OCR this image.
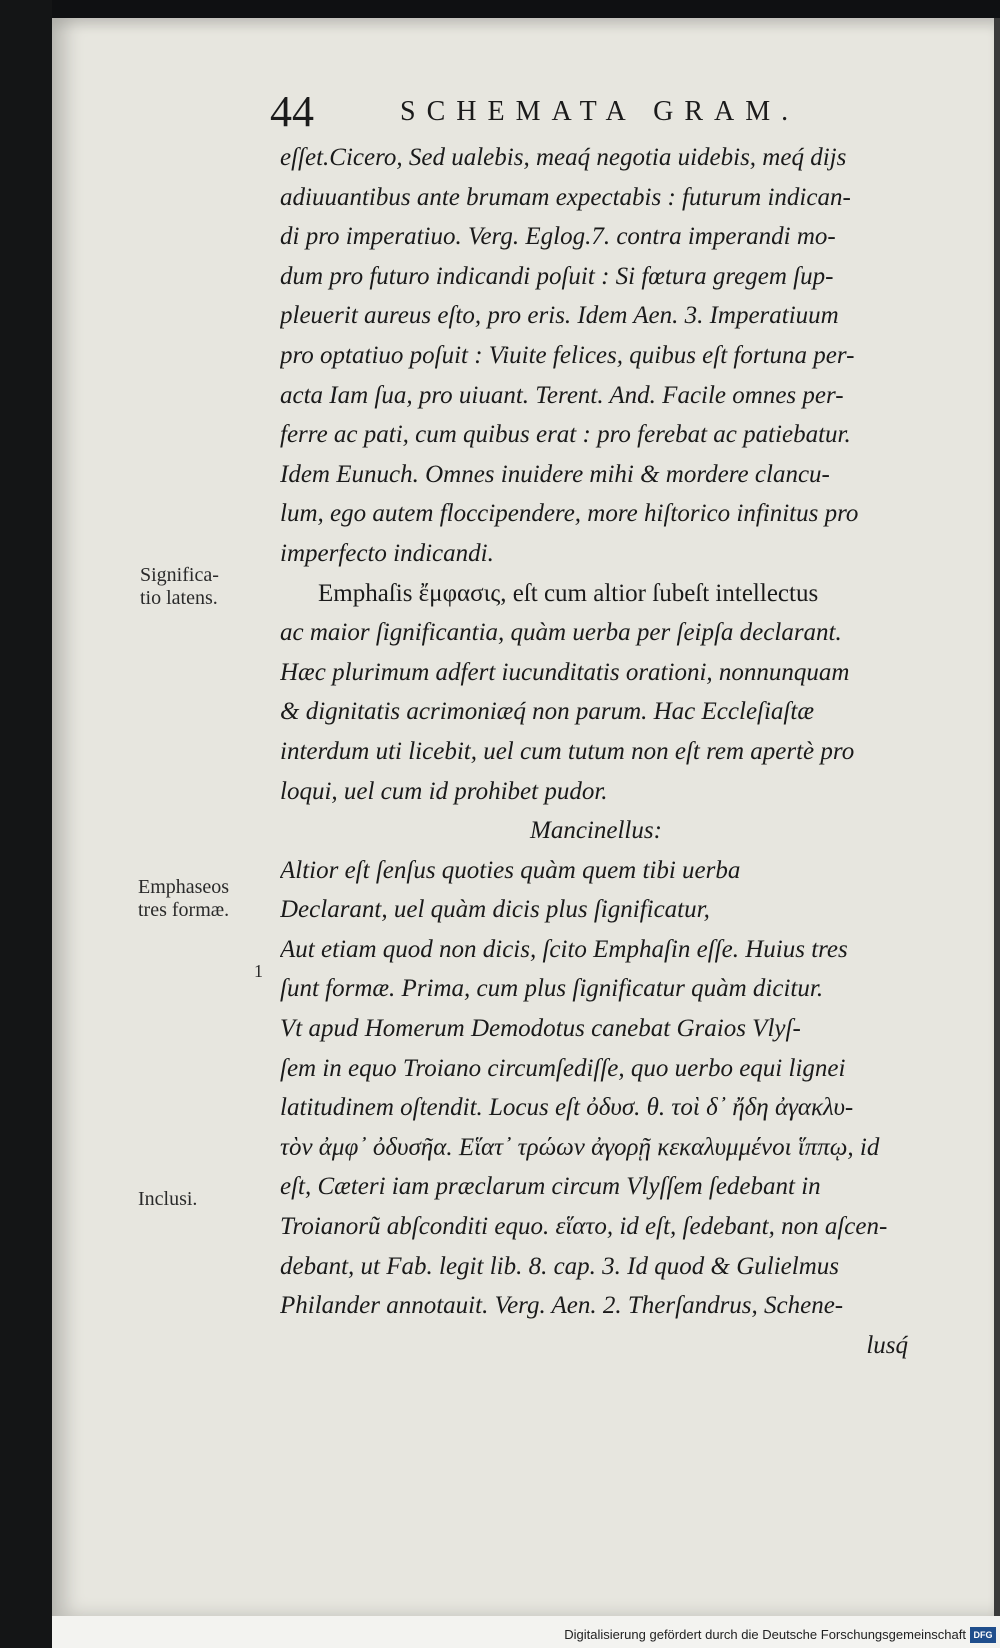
44	SCHEMATA GRAM.
Significa-
tio latens.
Emphaseos
tres formæ.
1
Inclusi.
eſſet.Cicero, Sed ualebis, meaq́ negotia uidebis, meq́ dijs
adiuuantibus ante brumam expectabis : futurum indican-
di pro imperatiuo. Verg. Eglog.7. contra imperandi mo-
dum pro futuro indicandi poſuit : Si fœtura gregem ſup-
pleuerit aureus eſto, pro eris. Idem Aen. 3. Imperatiuum
pro optatiuo poſuit : Viuite felices, quibus eſt fortuna per-
acta Iam ſua, pro uiuant. Terent. And. Facile omnes per-
ferre ac pati, cum quibus erat : pro ferebat ac patiebatur.
Idem Eunuch. Omnes inuidere mihi & mordere clancu-
lum, ego autem floccipendere, more hiſtorico infinitus pro
imperfecto indicandi.
Emphaſis ἔμφασις, eſt cum altior ſubeſt intellectus
ac maior ſignificantia, quàm uerba per ſeipſa declarant.
Hæc plurimum adfert iucunditatis orationi, nonnunquam
& dignitatis acrimoniæq́ non parum. Hac Eccleſiaſtæ
interdum uti licebit, uel cum tutum non eſt rem apertè pro
loqui, uel cum id prohibet pudor.
Mancinellus:
Altior eſt ſenſus quoties quàm quem tibi uerba
Declarant, uel quàm dicis plus ſignificatur,
Aut etiam quod non dicis, ſcito Emphaſin eſſe. Huius tres
ſunt formæ. Prima, cum plus ſignificatur quàm dicitur.
Vt apud Homerum Demodotus canebat Graios Vlyſ-
ſem in equo Troiano circumſediſſe, quo uerbo equi lignei
latitudinem oſtendit. Locus eſt ὀδυσ. θ. τοὶ δ᾽ ἤδη ἀγακλυ-
τὸν ἀμφ᾽ ὀδυσῆα. Εἵατ᾽ τρώων ἀγορῇ κεκαλυμμένοι ἵππῳ, id
eſt, Cæteri iam præclarum circum Vlyſſem ſedebant in
Troianorũ abſconditi equo. εἵατο, id eſt, ſedebant, non aſcen-
debant, ut Fab. legit lib. 8. cap. 3. Id quod & Gulielmus
Philander annotauit. Verg. Aen. 2. Therſandrus, Schene-
lusq́
Digitalisierung gefördert durch die Deutsche Forschungsgemeinschaft DFG
